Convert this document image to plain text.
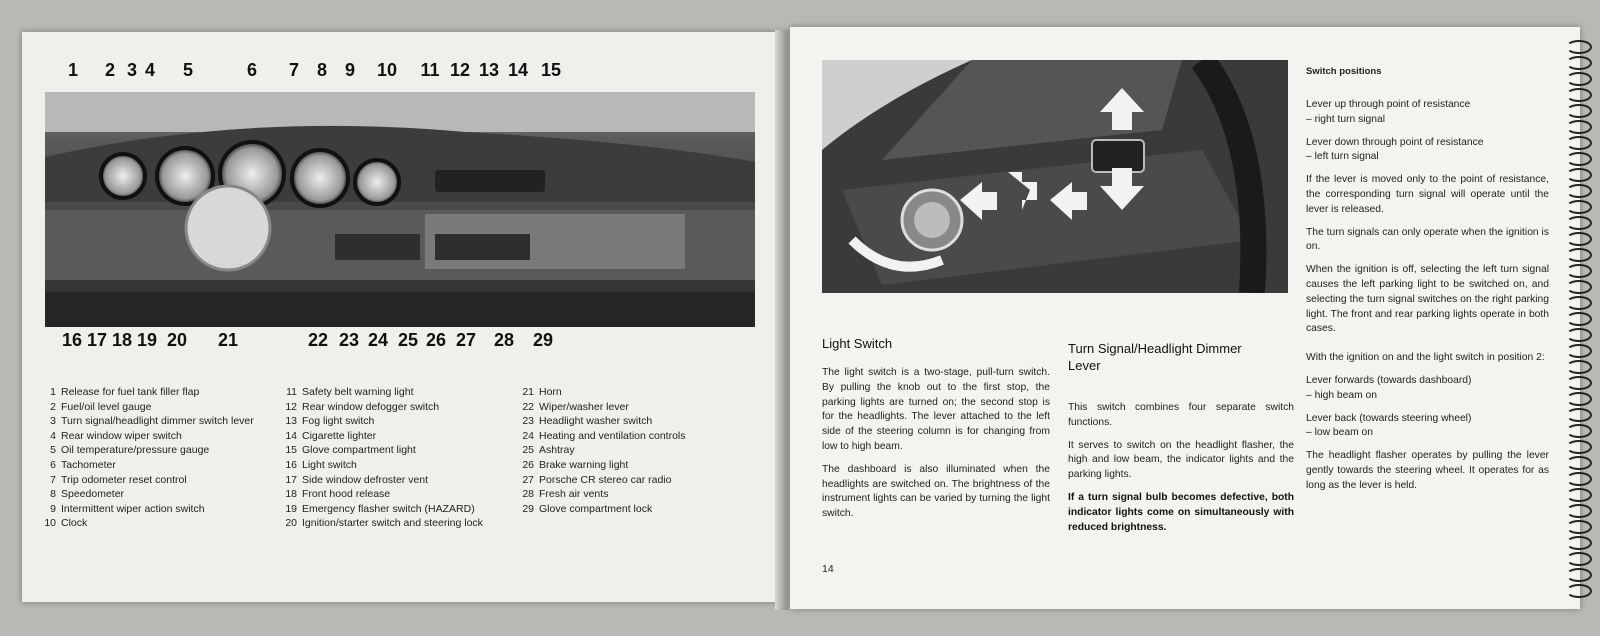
1	2 3 4	5	6	7 8 9	10	11 12 13 14 15
16 17 18 19 20 21	22 23 24 25 26 27 28 29
1 Release for fuel tank filler flap
2 Fuel/oil level gauge
3 Turn signal/headlight dimmer switch lever
4 Rear window wiper switch
5 Oil temperature/pressure gauge
6 Tachometer
7 Trip odometer reset control
8 Speedometer
9 Intermittent wiper action switch
10 Clock
11 Safety belt warning light
12 Rear window defogger switch
13 Fog light switch
14 Cigarette lighter
15 Glove compartment light
16 Light switch
17 Side window defroster vent
18 Front hood release
19 Emergency flasher switch (HAZARD)
20 Ignition/starter switch and steering lock
21 Horn
22 Wiper/washer lever
23 Headlight washer switch
24 Heating and ventilation controls
25 Ashtray
26 Brake warning light
27 Porsche CR stereo car radio
28 Fresh air vents
29 Glove compartment lock
Light Switch

The light switch is a two-stage, pull-turn switch. By pulling the knob out to the first stop, the parking lights are turned on; the second stop is for the headlights. The lever attached to the left side of the steering column is for changing from low to high beam.

The dashboard is also illuminated when the headlights are switched on. The brightness of the instrument lights can be varied by turning the light switch.

14
Turn Signal/Headlight Dimmer Lever

This switch combines four separate switch functions.

It serves to switch on the headlight flasher, the high and low beam, the indicator lights and the parking lights.

If a turn signal bulb becomes defective, both indicator lights come on simultaneously with reduced brightness.

Switch positions
Lever up through point of resistance

– right turn signal

Lever down through point of resistance

– left turn signal

If the lever is moved only to the point of resistance, the corresponding turn signal will operate until the lever is released.

The turn signals can only operate when the ignition is on.

When the ignition is off, selecting the left turn signal causes the left parking light to be switched on, and selecting the turn signal switches on the right parking light. The front and rear parking lights operate in both cases.

With the ignition on and the light switch in position 2:

Lever forwards (towards dashboard)

– high beam on

Lever back (towards steering wheel)

– low beam on

The headlight flasher operates by pulling the lever gently towards the steering wheel. It operates for as long as the lever is held.
